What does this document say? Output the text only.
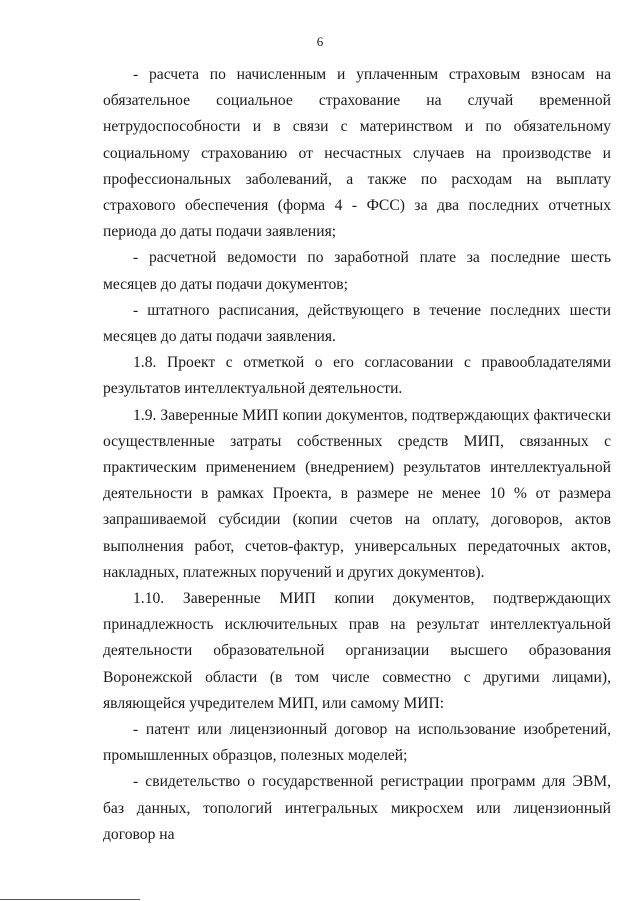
6

- расчета по начисленным и уплаченным страховым взносам на обязательное социальное страхование на случай временной нетрудоспособности и в связи с материнством и по обязательному социальному страхованию от несчастных случаев на производстве и профессиональных заболеваний, а также по расходам на выплату страхового обеспечения (форма 4 - ФСС) за два последних отчетных периода до даты подачи заявления;

- расчетной ведомости по заработной плате за последние шесть месяцев до даты подачи документов;

- штатного расписания, действующего в течение последних шести месяцев до даты подачи заявления.

1.8. Проект с отметкой о его согласовании с правообладателями результатов интеллектуальной деятельности.

1.9. Заверенные МИП копии документов, подтверждающих фактически осуществленные затраты собственных средств МИП, связанных с практическим применением (внедрением) результатов интеллектуальной деятельности в рамках Проекта, в размере не менее 10 % от размера запрашиваемой субсидии (копии счетов на оплату, договоров, актов выполнения работ, счетов-фактур, универсальных передаточных актов, накладных, платежных поручений и других документов).

1.10. Заверенные МИП копии документов, подтверждающих принадлежность исключительных прав на результат интеллектуальной деятельности образовательной организации высшего образования Воронежской области (в том числе совместно с другими лицами), являющейся учредителем МИП, или самому МИП:

- патент или лицензионный договор на использование изобретений, промышленных образцов, полезных моделей;

- свидетельство о государственной регистрации программ для ЭВМ, баз данных, топологий интегральных микросхем или лицензионный договор на
